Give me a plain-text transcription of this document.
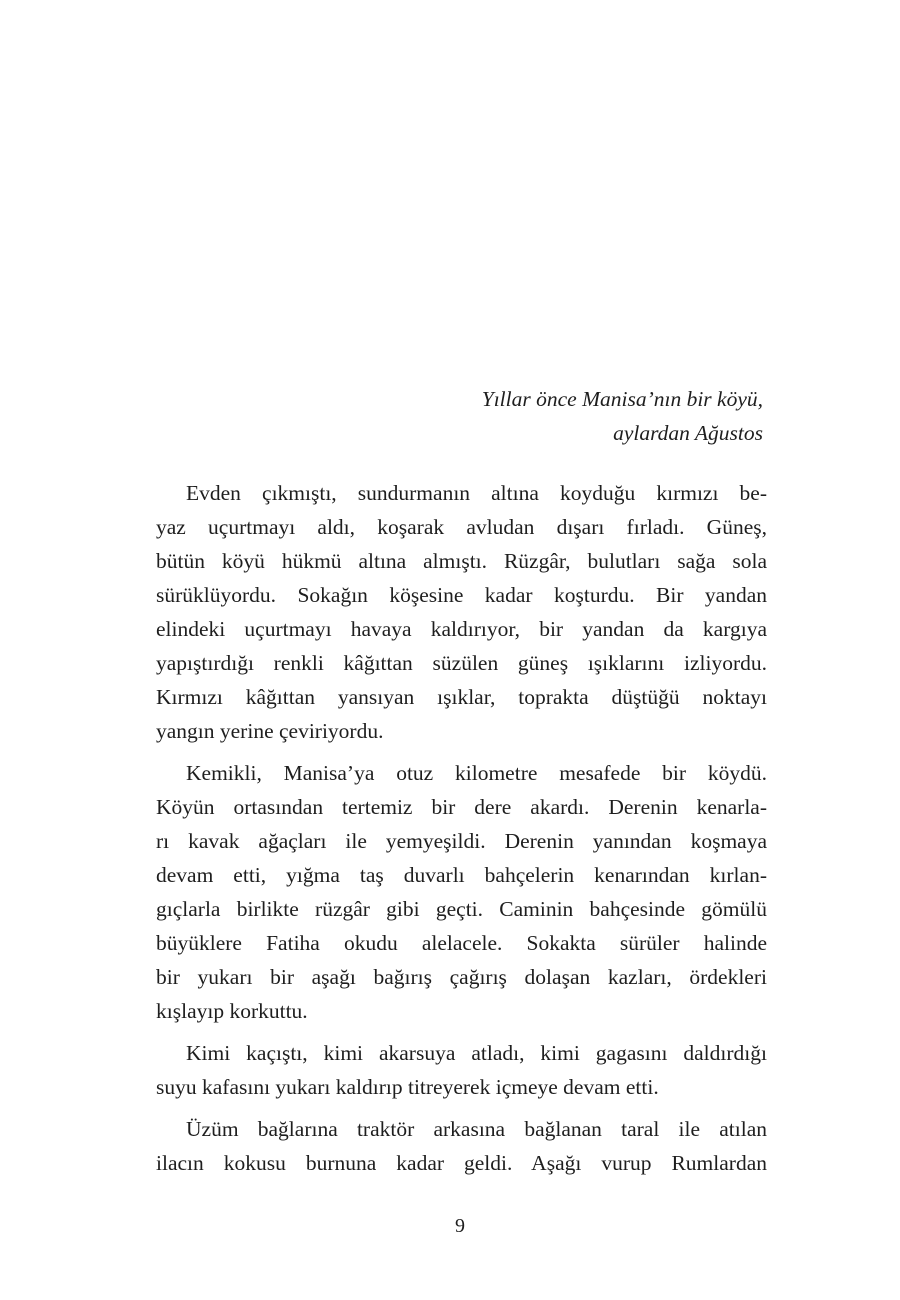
Yıllar önce Manisa’nın bir köyü,
aylardan Ağustos
Evden çıkmıştı, sundurmanın altına koyduğu kırmızı be-
yaz uçurtmayı aldı, koşarak avludan dışarı fırladı. Güneş,
bütün köyü hükmü altına almıştı. Rüzgâr, bulutları sağa sola
sürüklüyordu. Sokağın köşesine kadar koşturdu. Bir yandan
elindeki uçurtmayı havaya kaldırıyor, bir yandan da kargıya
yapıştırdığı renkli kâğıttan süzülen güneş ışıklarını izliyordu.
Kırmızı kâğıttan yansıyan ışıklar, toprakta düştüğü noktayı
yangın yerine çeviriyordu.
Kemikli, Manisa’ya otuz kilometre mesafede bir köydü.
Köyün ortasından tertemiz bir dere akardı. Derenin kenarla-
rı kavak ağaçları ile yemyeşildi. Derenin yanından koşmaya
devam etti, yığma taş duvarlı bahçelerin kenarından kırlan-
gıçlarla birlikte rüzgâr gibi geçti. Caminin bahçesinde gömülü
büyüklere Fatiha okudu alelacele. Sokakta sürüler halinde
bir yukarı bir aşağı bağırış çağırış dolaşan kazları, ördekleri
kışlayıp korkuttu.
Kimi kaçıştı, kimi akarsuya atladı, kimi gagasını daldırdığı
suyu kafasını yukarı kaldırıp titreyerek içmeye devam etti.
Üzüm bağlarına traktör arkasına bağlanan taral ile atılan
ilacın kokusu burnuna kadar geldi. Aşağı vurup Rumlardan
9
